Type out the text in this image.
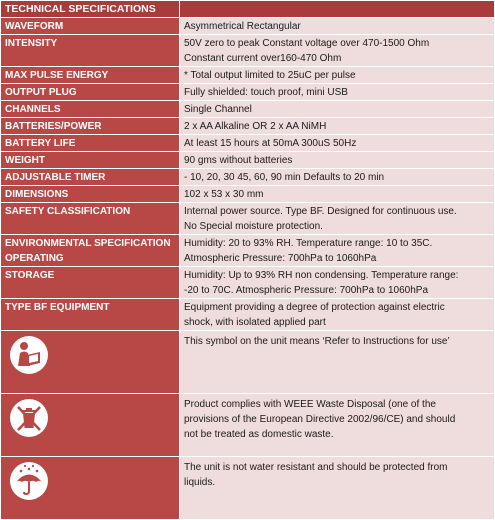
TECHNICAL SPECIFICATIONS	
WAVEFORM	Asymmetrical Rectangular

INTENSITY	50V zero to peak Constant voltage over 470-1500 Ohm
Constant current over160-470 Ohm

MAX PULSE ENERGY	* Total output limited to 25uC per pulse

OUTPUT PLUG	Fully shielded: touch proof, mini USB

CHANNELS	Single Channel

BATTERIES/POWER	2 x AA Alkaline OR 2 x AA NiMH

BATTERY LIFE	At least 15 hours at 50mA 300uS 50Hz

WEIGHT	90 gms without batteries

ADJUSTABLE TIMER	- 10, 20, 30 45, 60, 90 min Defaults to 20 min

DIMENSIONS	102 x 53 x 30 mm

SAFETY CLASSIFICATION	Internal power source. Type BF. Designed for continuous use.
No Special moisture protection.

ENVIRONMENTAL SPECIFICATION OPERATING	Humidity: 20 to 93% RH. Temperature range: 10 to 35C.
Atmospheric Pressure: 700hPa to 1060hPa

STORAGE	Humidity: Up to 93% RH non condensing. Temperature range:
-20 to 70C. Atmospheric Pressure: 700hPa to 1060hPa

TYPE BF EQUIPMENT	Equipment providing a degree of protection against electric
shock, with isolated applied part

This symbol on the unit means ‘Refer to Instructions for use’

Product complies with WEEE Waste Disposal (one of the
provisions of the European Directive 2002/96/CE) and should
not be treated as domestic waste.

The unit is not water resistant and should be protected from
liquids.
